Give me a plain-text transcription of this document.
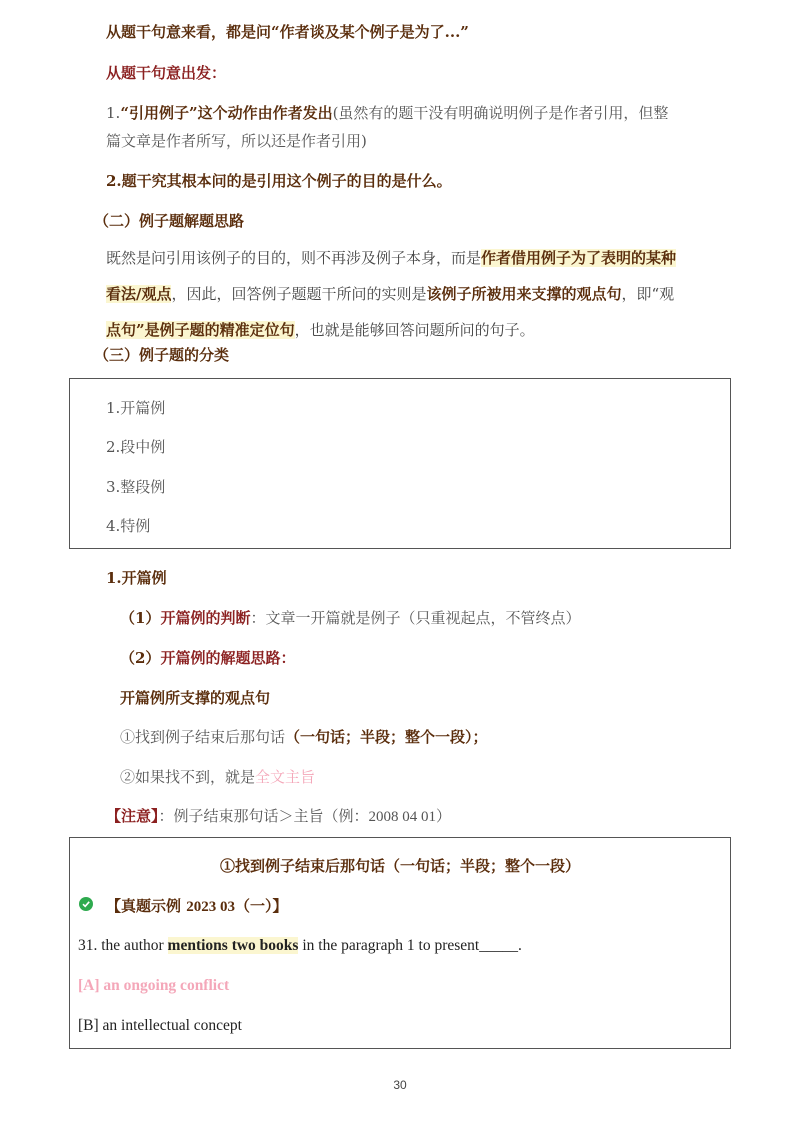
从题干句意来看，都是问“作者谈及某个例子是为了...”
从题干句意出发：
1.“引用例子”这个动作由作者发出(虽然有的题干没有明确说明例子是作者引用，但整
篇文章是作者所写，所以还是作者引用)
2.题干究其根本问的是引用这个例子的目的是什么。
（二）例子题解题思路
既然是问引用该例子的目的，则不再涉及例子本身，而是作者借用例子为了表明的某种
看法/观点，因此，回答例子题题干所问的实则是该例子所被用来支撑的观点句，即“观
点句”是例子题的精准定位句，也就是能够回答问题所问的句子。
（三）例子题的分类
1.开篇例
2.段中例
3.整段例
4.特例
1.开篇例
（1）开篇例的判断：文章一开篇就是例子（只重视起点，不管终点）
（2）开篇例的解题思路：
开篇例所支撑的观点句
①找到例子结束后那句话（一句话；半段；整个一段）；
②如果找不到，就是全文主旨
【注意】：例子结束那句话＞主旨（例：2008 04 01）
①找到例子结束后那句话（一句话；半段；整个一段）
【真题示例 2023 03（一）】
31. the author mentions two books in the paragraph 1 to present_____.
[A] an ongoing conflict
[B] an intellectual concept
30
